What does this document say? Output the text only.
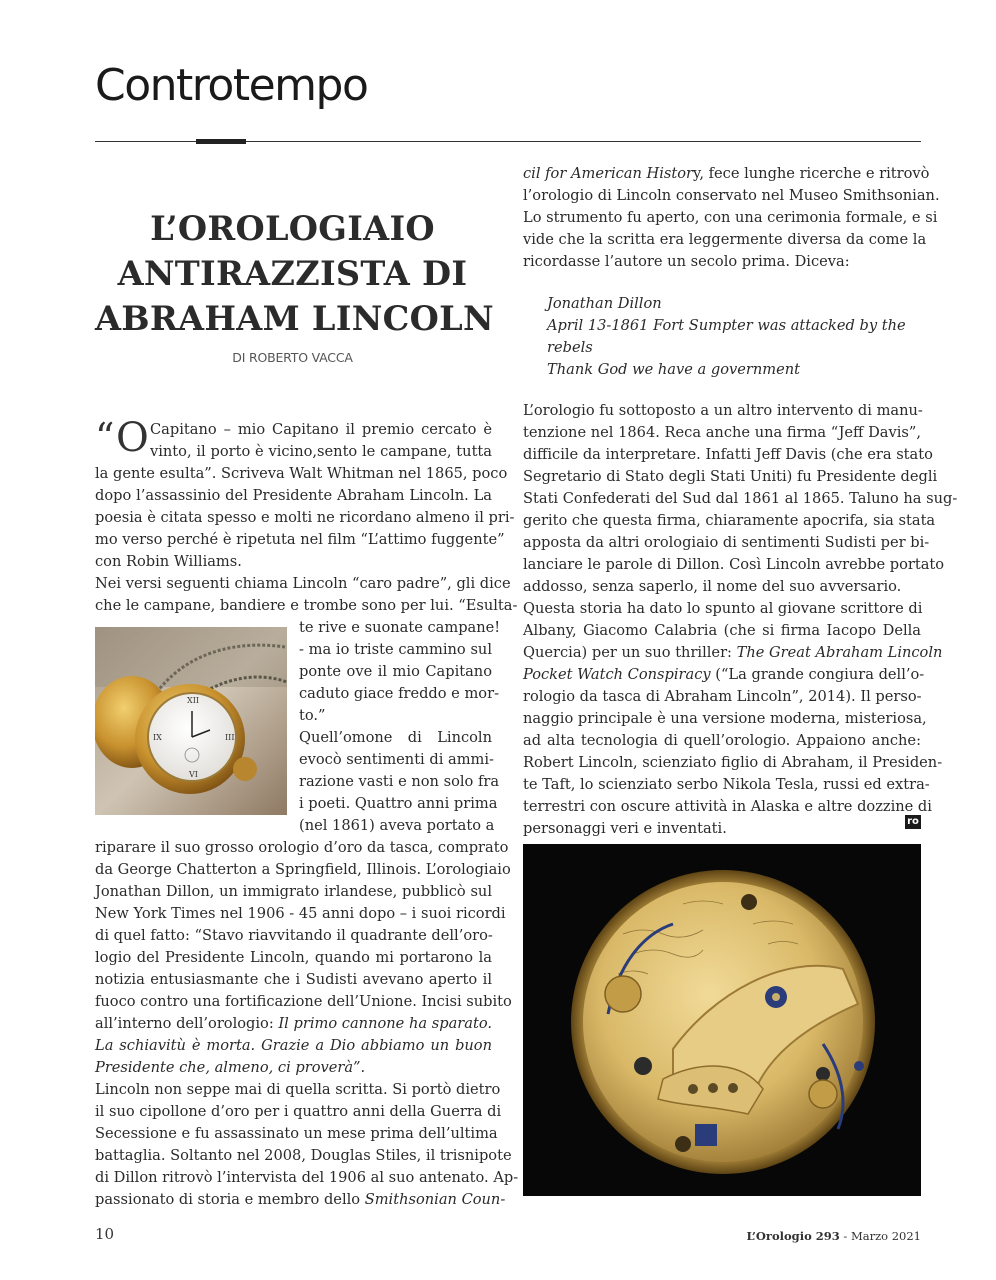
Controtempo
L’OROLOGIAIO
ANTIRAZZISTA DI
ABRAHAM LINCOLN
DI ROBERTO VACCA
“ O
XII
III
VI
IX
Capitano – mio Capitano il premio cercato è
vinto, il porto è vicino,sento le campane, tutta
la gente esulta”. Scriveva Walt Whitman nel 1865, poco
dopo l’assassinio del Presidente Abraham Lincoln. La
poesia è citata spesso e molti ne ricordano almeno il pri-
mo verso perché è ripetuta nel film “L’attimo fuggente”
con Robin Williams.
Nei versi seguenti chiama Lincoln “caro padre”, gli dice
che le campane, bandiere e trombe sono per lui. “Esulta-
te rive e suonate campane!
- ma io triste cammino sul
ponte ove il mio Capitano
caduto giace freddo e mor-
to.”
Quell’omone di Lincoln
evocò sentimenti di ammi-
razione vasti e non solo fra
i poeti. Quattro anni prima
(nel 1861) aveva portato a
riparare il suo grosso orologio d’oro da tasca, comprato
da George Chatterton a Springfield, Illinois. L’orologiaio
Jonathan Dillon, un immigrato irlandese, pubblicò sul
New York Times nel 1906 - 45 anni dopo – i suoi ricordi
di quel fatto: “Stavo riavvitando il quadrante dell’oro-
logio del Presidente Lincoln, quando mi portarono la
notizia entusiasmante che i Sudisti avevano aperto il
fuoco contro una fortificazione dell’Unione. Incisi subito
all’interno dell’orologio: Il primo cannone ha sparato.
La schiavitù è morta. Grazie a Dio abbiamo un buon
Presidente che, almeno, ci proverà”.
Lincoln non seppe mai di quella scritta. Si portò dietro
il suo cipollone d’oro per i quattro anni della Guerra di
Secessione e fu assassinato un mese prima dell’ultima
battaglia. Soltanto nel 2008, Douglas Stiles, il trisnipote
di Dillon ritrovò l’intervista del 1906 al suo antenato. Ap-
passionato di storia e membro dello Smithsonian Coun-
cil for American History, fece lunghe ricerche e ritrovò
l’orologio di Lincoln conservato nel Museo Smithsonian.
Lo strumento fu aperto, con una cerimonia formale, e si
vide che la scritta era leggermente diversa da come la
ricordasse l’autore un secolo prima. Diceva:
Jonathan Dillon
April 13-1861 Fort Sumpter was attacked by the
rebels
Thank God we have a government
L’orologio fu sottoposto a un altro intervento di manu-
tenzione nel 1864. Reca anche una firma “Jeff Davis”,
difficile da interpretare. Infatti Jeff Davis (che era stato
Segretario di Stato degli Stati Uniti) fu Presidente degli
Stati Confederati del Sud dal 1861 al 1865. Taluno ha sug-
gerito che questa firma, chiaramente apocrifa, sia stata
apposta da altri orologiaio di sentimenti Sudisti per bi-
lanciare le parole di Dillon. Così Lincoln avrebbe portato
addosso, senza saperlo, il nome del suo avversario.
Questa storia ha dato lo spunto al giovane scrittore di
Albany, Giacomo Calabria (che si firma Iacopo Della
Quercia) per un suo thriller: The Great Abraham Lincoln
Pocket Watch Conspiracy (“La grande congiura dell’o-
rologio da tasca di Abraham Lincoln”, 2014). Il perso-
naggio principale è una versione moderna, misteriosa,
ad alta tecnologia di quell’orologio. Appaiono anche:
Robert Lincoln, scienziato figlio di Abraham, il Presiden-
te Taft, lo scienziato serbo Nikola Tesla, russi ed extra-
terrestri con oscure attività in Alaska e altre dozzine di
personaggi veri e inventati.	ro
10	L’Orologio 293 - Marzo 2021
